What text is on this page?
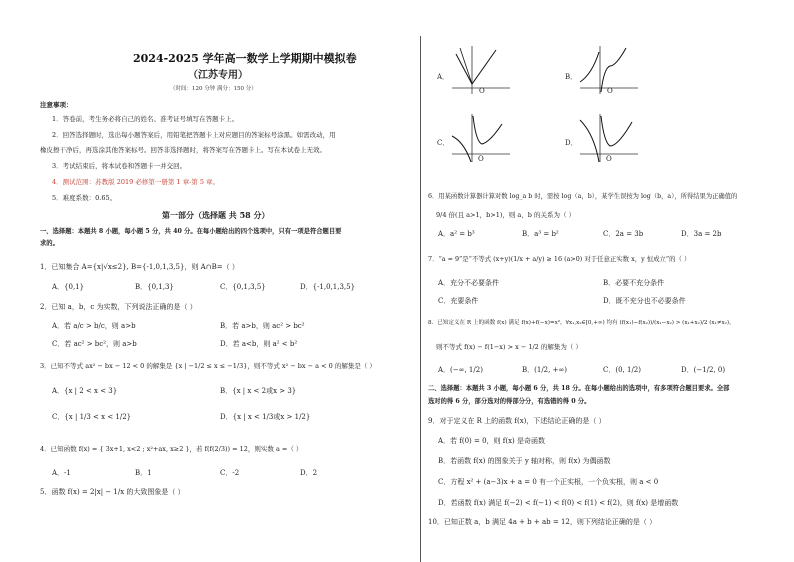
2024-2025 学年高一数学上学期期中模拟卷
（江苏专用）
（时间：120 分钟 满分：150 分）
注意事项：
1．答卷前，考生务必将自己的姓名、准考证号填写在答题卡上。
2．回答选择题时，选出每小题答案后，用铅笔把答题卡上对应题目的答案标号涂黑。如需改动，用
橡皮擦干净后，再选涂其他答案标号。回答非选择题时，将答案写在答题卡上。写在本试卷上无效。
3．考试结束后，将本试卷和答题卡一并交回。
4．测试范围：苏教版 2019 必修第一册第 1 章-第 5 章。
5．难度系数：0.65。
第一部分（选择题 共 58 分）
一、选择题：本题共 8 小题，每小题 5 分，共 40 分。在每小题给出的四个选项中，只有一项是符合题目要
求的。
1．已知集合 A={x|√x≤2}, B={-1,0,1,3,5}，则 A∩B=（ ）
A．{0,1}	B．{0,1,3}	C．{0,1,3,5}	D．{-1,0,1,3,5}
2．已知 a，b，c 为实数，下列说法正确的是（ ）
A．若 a/c > b/c，则 a>b	B．若 a>b，则 ac² > bc²
C．若 ac² > bc²，则 a>b	D．若 a<b，则 a² < b²
3．已知不等式 ax² − bx − 12 < 0 的解集是 {x | −1/2 ≤ x ≤ −1/3}，则不等式 x² − bx − a < 0 的解集是（ ）
A．{x | 2 < x < 3}	B．{x | x < 2或x > 3}
C．{x | 1/3 < x < 1/2}	D．{x | x < 1/3或x > 1/2}
4．已知函数 f(x) = { 3x+1, x<2 ; x²+ax, x≥2 }，若 f(f(2/3)) = 12，则实数 a =（ ）
A．-1	B．1	C．-2	D．2
5．函数 f(x) = 2|x| − 1/x 的大致图象是（ ）
A．
O
B．
O
C．
O
D．
O
6．用某函数计算器计算对数 log_a b 时，需按 log（a，b），某学生误按为 log（b，a），所得结果为正确值的
9/4 倍(且 a>1，b>1)，则 a，b 的关系为（ ）
A．a² = b³	B．a³ = b²	C．2a = 3b	D．3a = 2b
7．“a = 9”是“不等式 (x+y)(1/x + a/y) ≥ 16 (a>0) 对于任意正实数 x，y 恒成立”的（ ）
A．充分不必要条件	B．必要不充分条件
C．充要条件	D．既不充分也不必要条件
8．已知定义在 R 上的函数 f(x) 满足 f(x)+f(−x)=x²，∀x₁,x₂∈[0,+∞) 均有 (f(x₁)−f(x₂))/(x₁−x₂) > (x₁+x₂)/2 (x₁≠x₂)，
则不等式 f(x) − f(1−x) > x − 1/2 的解集为（ ）
A．(−∞, 1/2)	B．(1/2, +∞)	C．(0, 1/2)	D．(−1/2, 0)
二、选择题：本题共 3 小题，每小题 6 分，共 18 分。在每小题给出的选项中，有多项符合题目要求。全部
选对的得 6 分，部分选对的得部分分，有选错的得 0 分。
9．对于定义在 R 上的函数 f(x)，下述结论正确的是（ ）
A．若 f(0) = 0，则 f(x) 是奇函数
B．若函数 f(x) 的图象关于 y 轴对称，则 f(x) 为偶函数
C．方程 x² + (a−3)x + a = 0 有一个正实根，一个负实根，则 a < 0
D．若函数 f(x) 满足 f(−2) < f(−1) < f(0) < f(1) < f(2)，则 f(x) 是增函数
10．已知正数 a，b 满足 4a + b + ab = 12，则下列结论正确的是（ ）
